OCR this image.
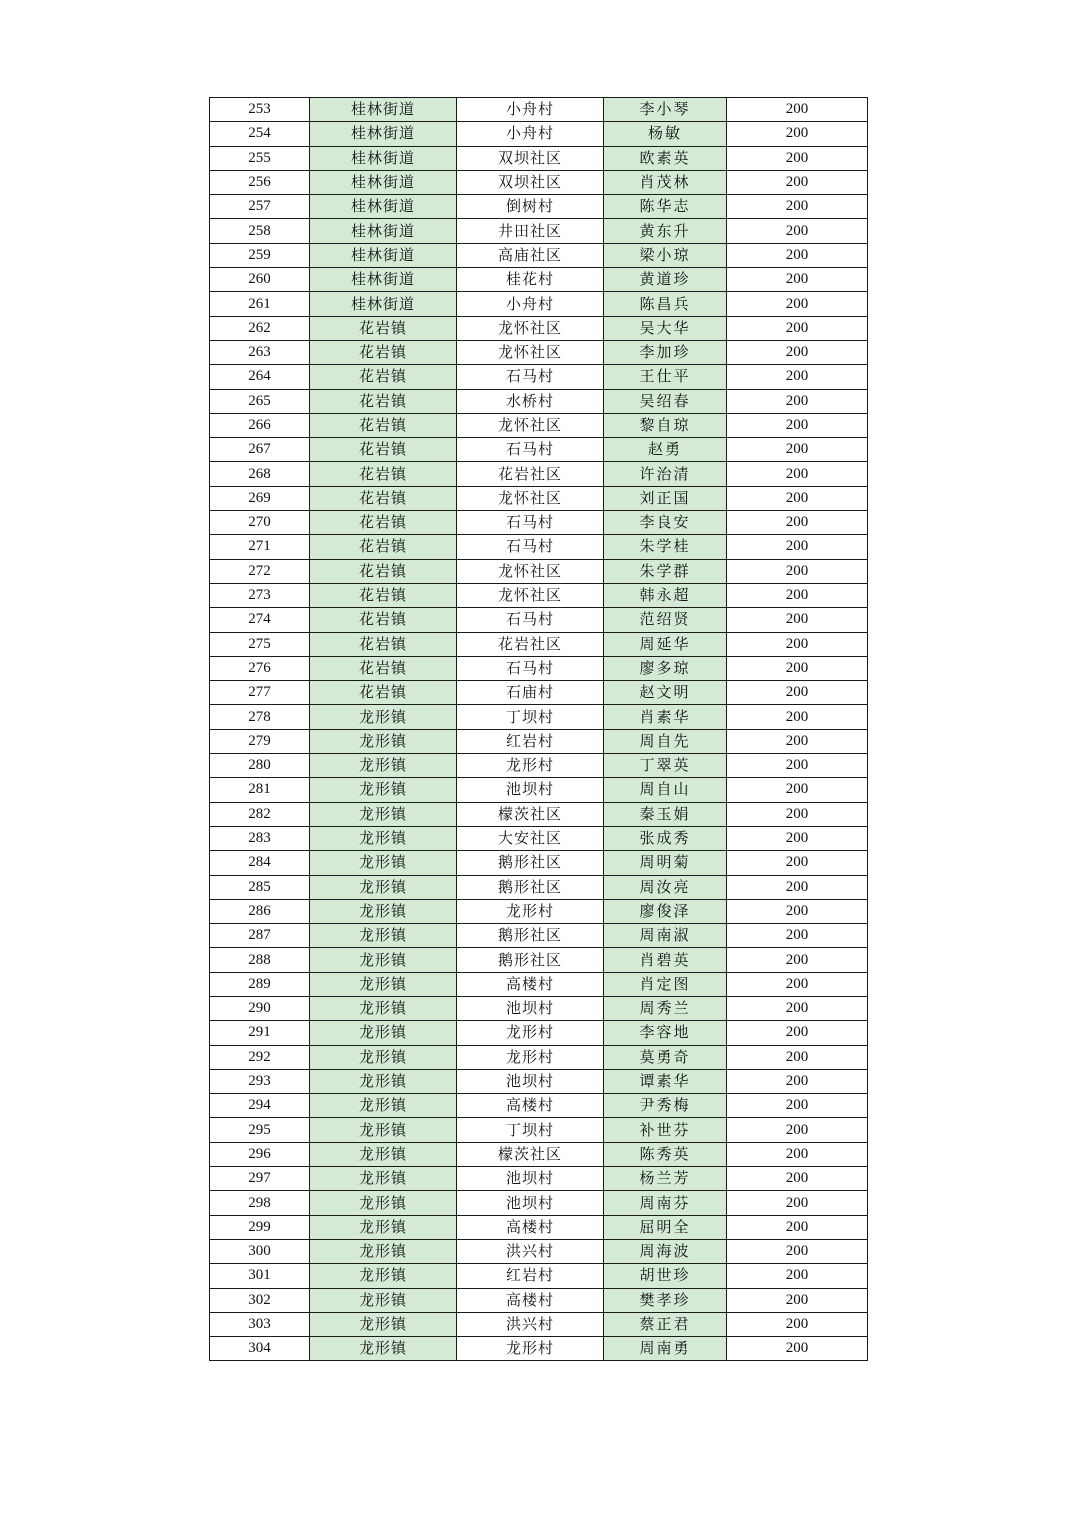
253	桂林街道	小舟村	李小琴	200
254	桂林街道	小舟村	杨敏	200
255	桂林街道	双坝社区	欧素英	200
256	桂林街道	双坝社区	肖茂林	200
257	桂林街道	倒树村	陈华志	200
258	桂林街道	井田社区	黄东升	200
259	桂林街道	高庙社区	梁小琼	200
260	桂林街道	桂花村	黄道珍	200
261	桂林街道	小舟村	陈昌兵	200
262	花岩镇	龙怀社区	吴大华	200
263	花岩镇	龙怀社区	李加珍	200
264	花岩镇	石马村	王仕平	200
265	花岩镇	水桥村	吴绍春	200
266	花岩镇	龙怀社区	黎自琼	200
267	花岩镇	石马村	赵勇	200
268	花岩镇	花岩社区	许治清	200
269	花岩镇	龙怀社区	刘正国	200
270	花岩镇	石马村	李良安	200
271	花岩镇	石马村	朱学桂	200
272	花岩镇	龙怀社区	朱学群	200
273	花岩镇	龙怀社区	韩永超	200
274	花岩镇	石马村	范绍贤	200
275	花岩镇	花岩社区	周延华	200
276	花岩镇	石马村	廖多琼	200
277	花岩镇	石庙村	赵文明	200
278	龙形镇	丁坝村	肖素华	200
279	龙形镇	红岩村	周自先	200
280	龙形镇	龙形村	丁翠英	200
281	龙形镇	池坝村	周自山	200
282	龙形镇	檬茨社区	秦玉娟	200
283	龙形镇	大安社区	张成秀	200
284	龙形镇	鹅形社区	周明菊	200
285	龙形镇	鹅形社区	周汝亮	200
286	龙形镇	龙形村	廖俊泽	200
287	龙形镇	鹅形社区	周南淑	200
288	龙形镇	鹅形社区	肖碧英	200
289	龙形镇	高楼村	肖定图	200
290	龙形镇	池坝村	周秀兰	200
291	龙形镇	龙形村	李容地	200
292	龙形镇	龙形村	莫勇奇	200
293	龙形镇	池坝村	谭素华	200
294	龙形镇	高楼村	尹秀梅	200
295	龙形镇	丁坝村	补世芬	200
296	龙形镇	檬茨社区	陈秀英	200
297	龙形镇	池坝村	杨兰芳	200
298	龙形镇	池坝村	周南芬	200
299	龙形镇	高楼村	屈明全	200
300	龙形镇	洪兴村	周海波	200
301	龙形镇	红岩村	胡世珍	200
302	龙形镇	高楼村	樊孝珍	200
303	龙形镇	洪兴村	蔡正君	200
304	龙形镇	龙形村	周南勇	200
